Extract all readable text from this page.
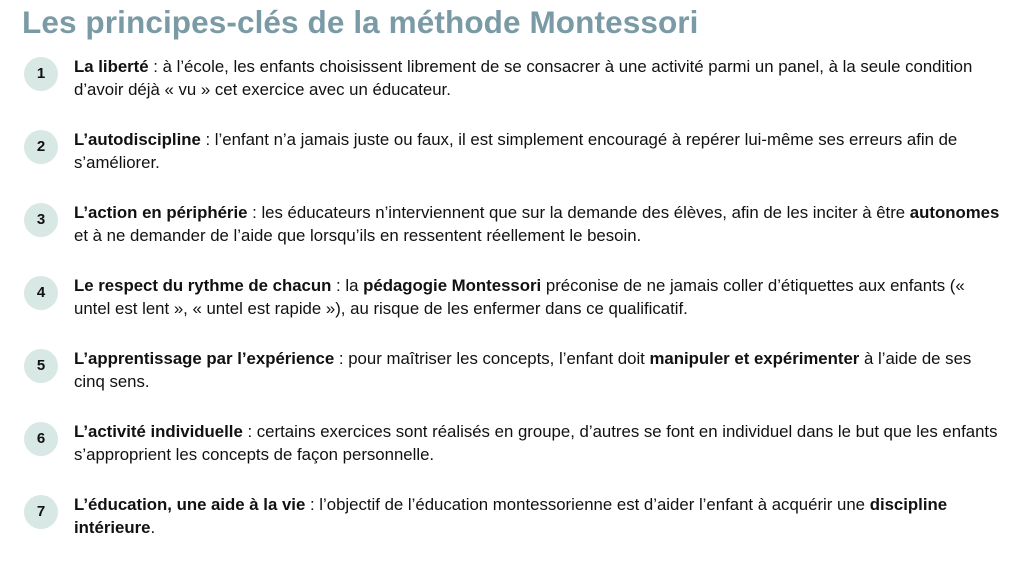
Les principes-clés de la méthode Montessori
1	La liberté : à l’école, les enfants choisissent librement de se consacrer à une activité parmi un panel, à la seule condition d’avoir déjà « vu » cet exercice avec un éducateur.

2	L’autodiscipline : l’enfant n’a jamais juste ou faux, il est simplement encouragé à repérer lui-même ses erreurs afin de s’améliorer.

3	L’action en périphérie : les éducateurs n’interviennent que sur la demande des élèves, afin de les inciter à être autonomes et à ne demander de l’aide que lorsqu’ils en ressentent réellement le besoin.

4	Le respect du rythme de chacun : la pédagogie Montessori préconise de ne jamais coller d’étiquettes aux enfants (« untel est lent », « untel est rapide »), au risque de les enfermer dans ce qualificatif.

5	L’apprentissage par l’expérience : pour maîtriser les concepts, l’enfant doit manipuler et expérimenter à l’aide de ses cinq sens.

6	L’activité individuelle : certains exercices sont réalisés en groupe, d’autres se font en individuel dans le but que les enfants s’approprient les concepts de façon personnelle.

7	L’éducation, une aide à la vie : l’objectif de l’éducation montessorienne est d’aider l’enfant à acquérir une discipline intérieure.
